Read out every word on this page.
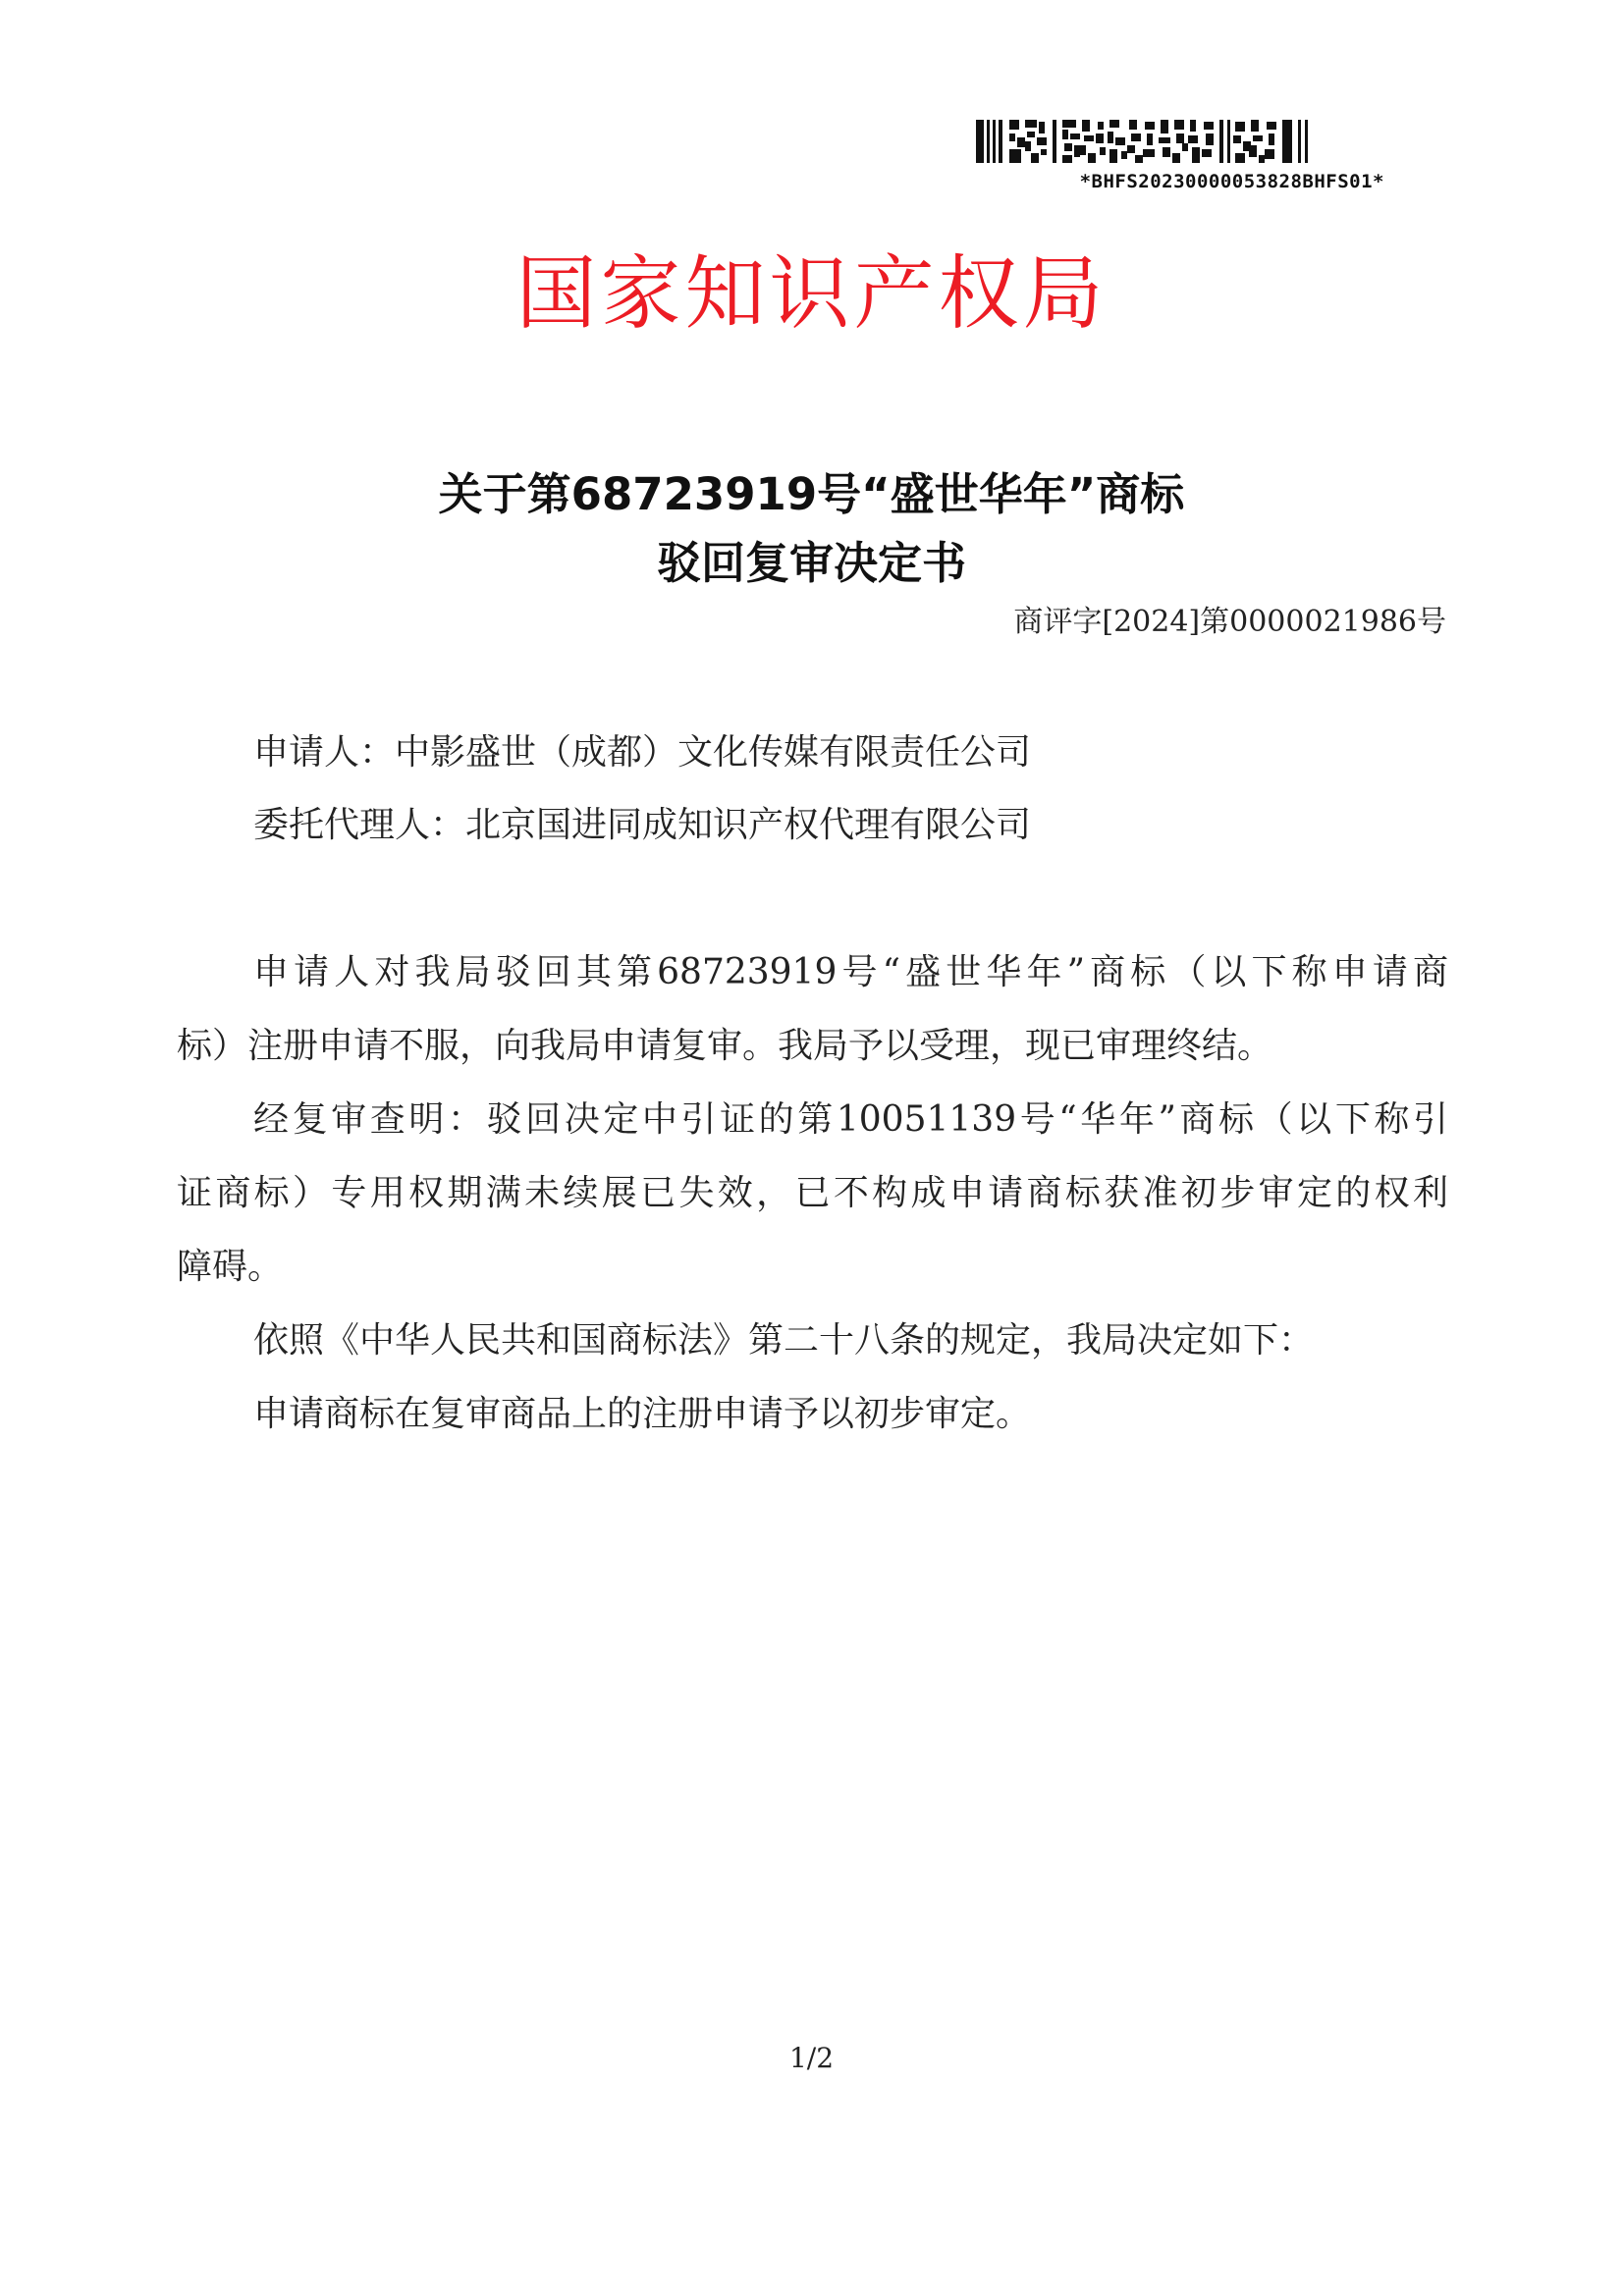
*BHFS20230000053828BHFS01*
国家知识产权局
关于第68723919号“盛世华年”商标
驳回复审决定书
商评字[2024]第0000021986号
申请人：中影盛世（成都）文化传媒有限责任公司
委托代理人：北京国进同成知识产权代理有限公司
申请人对我局驳回其第68723919号“盛世华年”商标（以下称申请商
标）注册申请不服，向我局申请复审。我局予以受理，现已审理终结。
经复审查明：驳回决定中引证的第10051139号“华年”商标（以下称引
证商标）专用权期满未续展已失效，已不构成申请商标获准初步审定的权利
障碍。
依照《中华人民共和国商标法》第二十八条的规定，我局决定如下：
申请商标在复审商品上的注册申请予以初步审定。
1/2
